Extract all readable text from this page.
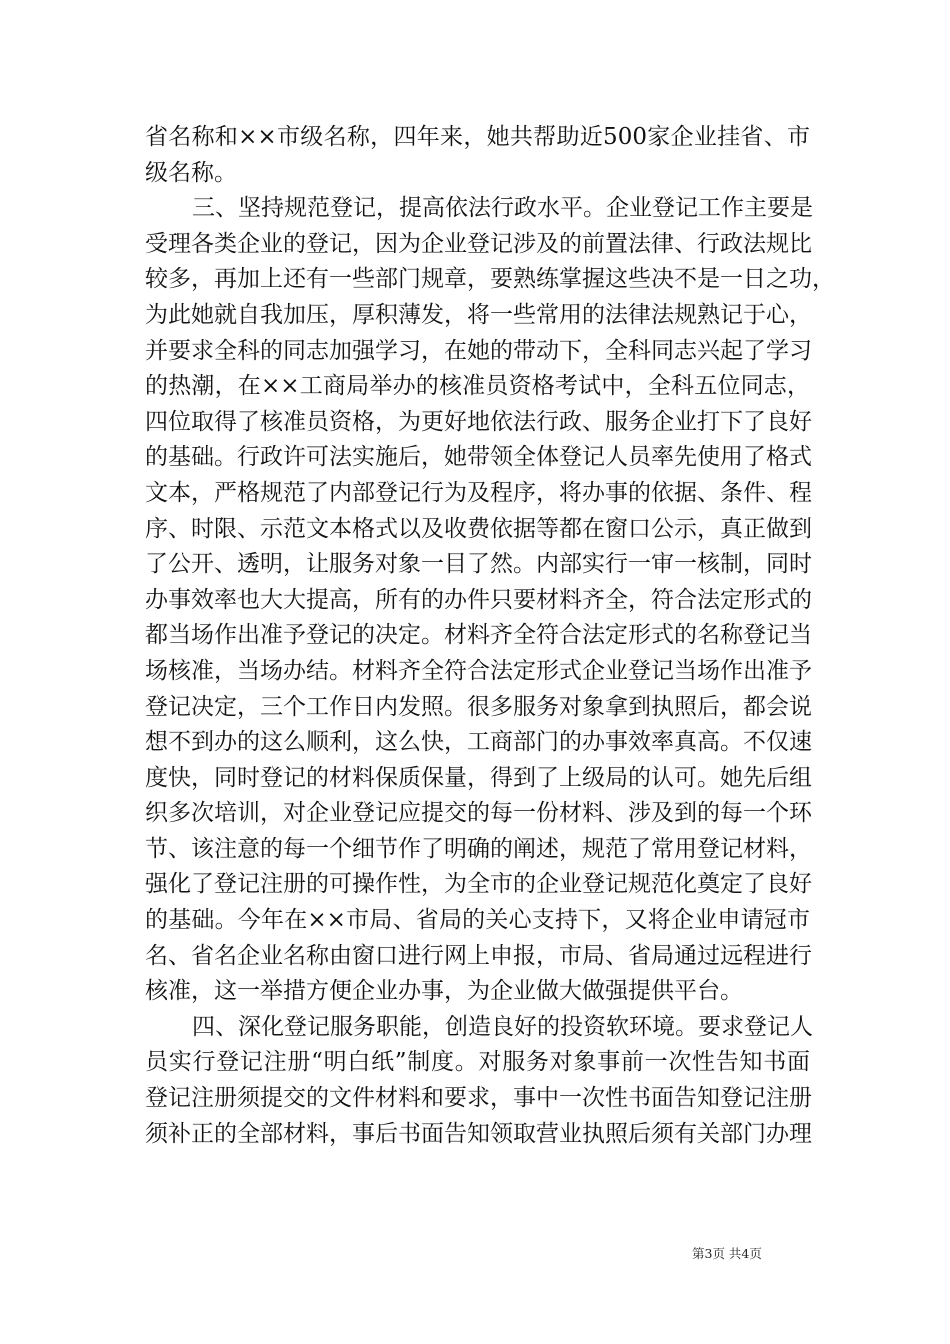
省名称和××市级名称，四年来，她共帮助近500家企业挂省、市
级名称。
三、坚持规范登记，提高依法行政水平。企业登记工作主要是
受理各类企业的登记，因为企业登记涉及的前置法律、行政法规比
较多，再加上还有一些部门规章，要熟练掌握这些决不是一日之功，
为此她就自我加压，厚积薄发，将一些常用的法律法规熟记于心，
并要求全科的同志加强学习，在她的带动下，全科同志兴起了学习
的热潮，在××工商局举办的核准员资格考试中，全科五位同志，
四位取得了核准员资格，为更好地依法行政、服务企业打下了良好
的基础。行政许可法实施后，她带领全体登记人员率先使用了格式
文本，严格规范了内部登记行为及程序，将办事的依据、条件、程
序、时限、示范文本格式以及收费依据等都在窗口公示，真正做到
了公开、透明，让服务对象一目了然。内部实行一审一核制，同时
办事效率也大大提高，所有的办件只要材料齐全，符合法定形式的
都当场作出准予登记的决定。材料齐全符合法定形式的名称登记当
场核准，当场办结。材料齐全符合法定形式企业登记当场作出准予
登记决定，三个工作日内发照。很多服务对象拿到执照后，都会说
想不到办的这么顺利，这么快，工商部门的办事效率真高。不仅速
度快，同时登记的材料保质保量，得到了上级局的认可。她先后组
织多次培训，对企业登记应提交的每一份材料、涉及到的每一个环
节、该注意的每一个细节作了明确的阐述，规范了常用登记材料，
强化了登记注册的可操作性，为全市的企业登记规范化奠定了良好
的基础。今年在××市局、省局的关心支持下，又将企业申请冠市
名、省名企业名称由窗口进行网上申报，市局、省局通过远程进行
核准，这一举措方便企业办事，为企业做大做强提供平台。
四、深化登记服务职能，创造良好的投资软环境。要求登记人
员实行登记注册“明白纸”制度。对服务对象事前一次性告知书面
登记注册须提交的文件材料和要求，事中一次性书面告知登记注册
须补正的全部材料，事后书面告知领取营业执照后须有关部门办理
第3页 共4页
